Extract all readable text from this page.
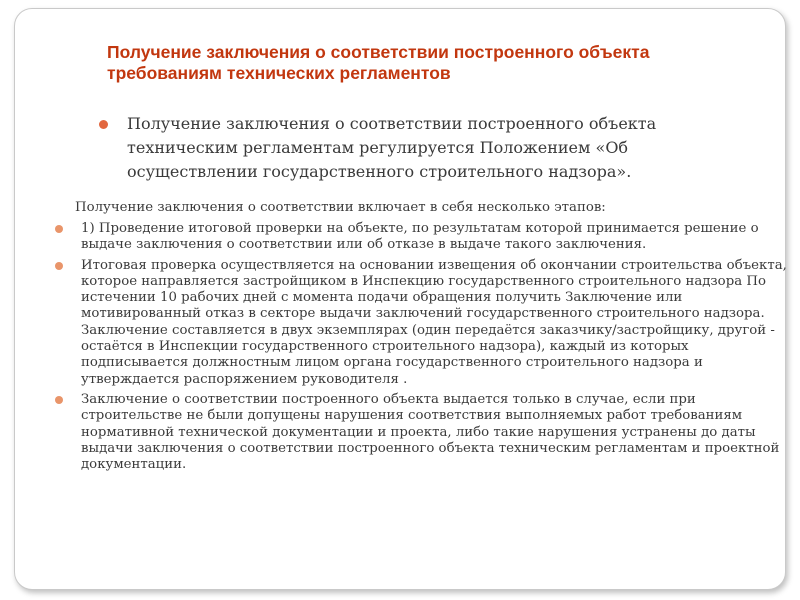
Получение заключения о соответствии построенного объекта требованиям технических регламентов
Получение заключения о соответствии построенного объекта техническим регламентам регулируется Положением «Об осуществлении государственного строительного надзора».

Получение заключения о соответствии включает в себя несколько этапов:

1) Проведение итоговой проверки на объекте, по результатам которой принимается решение о выдаче заключения о соответствии или об отказе в выдаче такого заключения.

Итоговая проверка осуществляется на основании извещения об окончании строительства объекта, которое направляется застройщиком в Инспекцию государственного строительного надзора По истечении 10 рабочих дней с момента подачи обращения получить Заключение или мотивированный отказ в секторе выдачи заключений государственного строительного надзора. Заключение составляется в двух экземплярах (один передаётся заказчику/застройщику, другой - остаётся в Инспекции государственного строительного надзора), каждый из которых подписывается должностным лицом органа государственного строительного надзора и утверждается распоряжением руководителя .

Заключение о соответствии построенного объекта выдается только в случае, если при строительстве не были допущены нарушения соответствия выполняемых работ требованиям нормативной технической документации и проекта, либо такие нарушения устранены до даты выдачи заключения о соответствии построенного объекта техническим регламентам и проектной документации.
